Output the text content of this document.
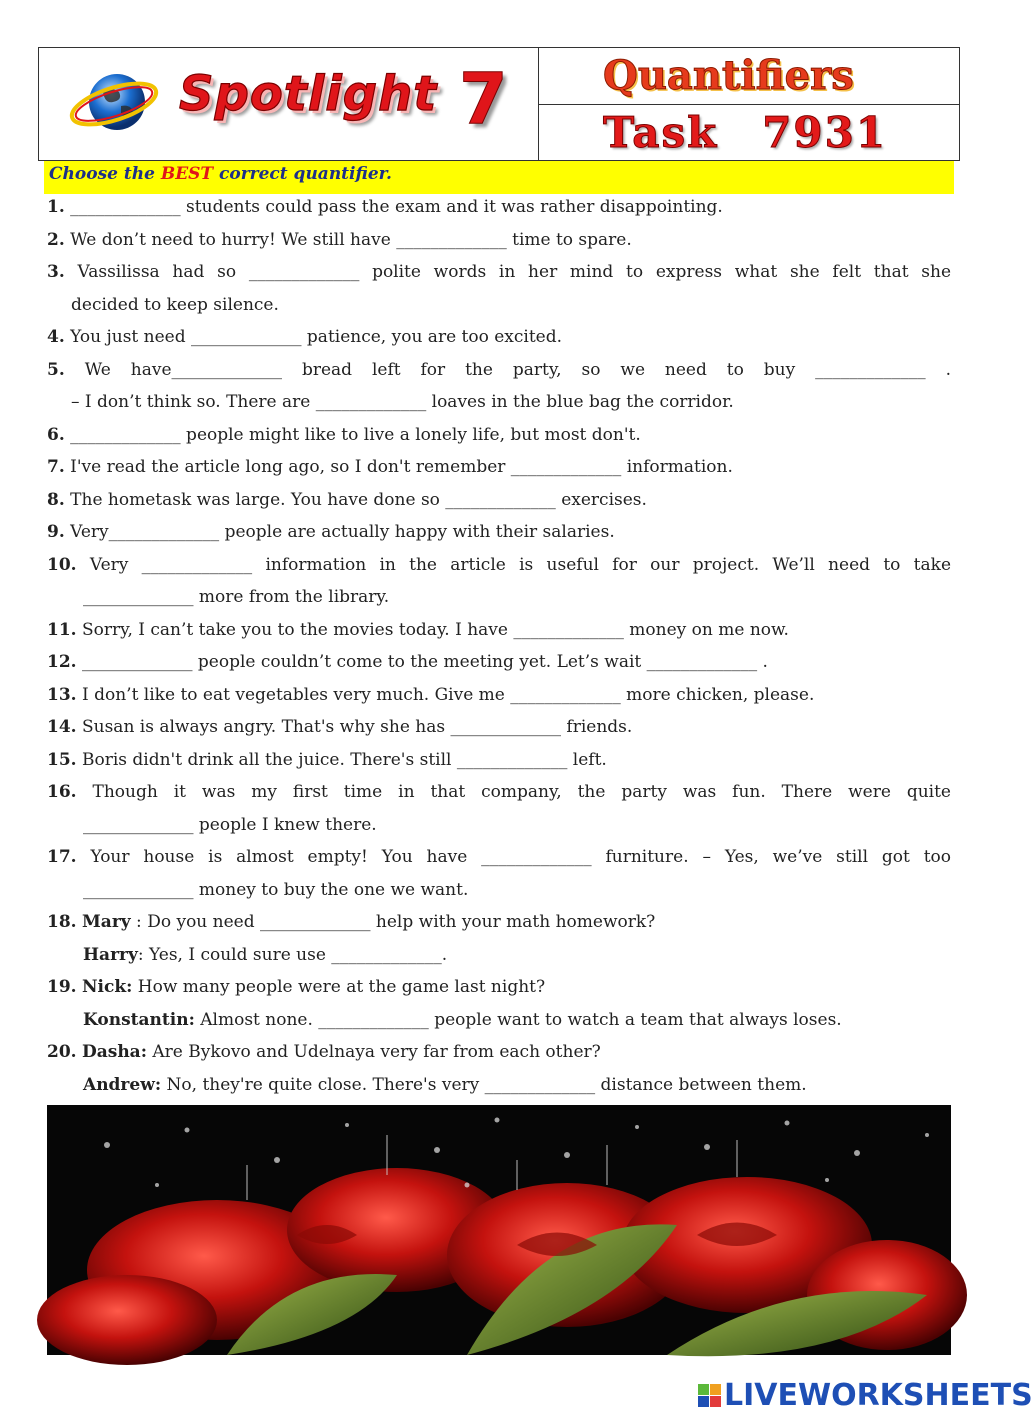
Spotlight 7	Quantifiers
Task 7931
Choose the BEST correct quantifier.
1. _____________ students could pass the exam and it was rather disappointing.
2. We don’t need to hurry! We still have _____________ time to spare.
3. Vassilissa had so _____________ polite words in her mind to express what she felt that she
decided to keep silence.
4. You just need _____________ patience, you are too excited.
5. We have_____________ bread left for the party, so we need to buy _____________ .
– I don’t think so. There are _____________ loaves in the blue bag the corridor.
6. _____________ people might like to live a lonely life, but most don't.
7. I've read the article long ago, so I don't remember _____________ information.
8. The hometask was large. You have done so _____________ exercises.
9. Very_____________ people are actually happy with their salaries.
10. Very _____________ information in the article is useful for our project. We’ll need to take
_____________ more from the library.
11. Sorry, I can’t take you to the movies today. I have _____________ money on me now.
12. _____________ people couldn’t come to the meeting yet. Let’s wait _____________ .
13. I don’t like to eat vegetables very much. Give me _____________ more chicken, please.
14. Susan is always angry. That's why she has _____________ friends.
15. Boris didn't drink all the juice. There's still _____________ left.
16. Though it was my first time in that company, the party was fun. There were quite
_____________ people I knew there.
17. Your house is almost empty! You have _____________ furniture. – Yes, we’ve still got too
_____________ money to buy the one we want.
18. Mary : Do you need _____________ help with your math homework?
Harry: Yes, I could sure use _____________.
19. Nick: How many people were at the game last night?
Konstantin: Almost none. _____________ people want to watch a team that always loses.
20. Dasha: Are Bykovo and Udelnaya very far from each other?
Andrew: No, they're quite close. There's very _____________ distance between them.
LIVEWORKSHEETS
